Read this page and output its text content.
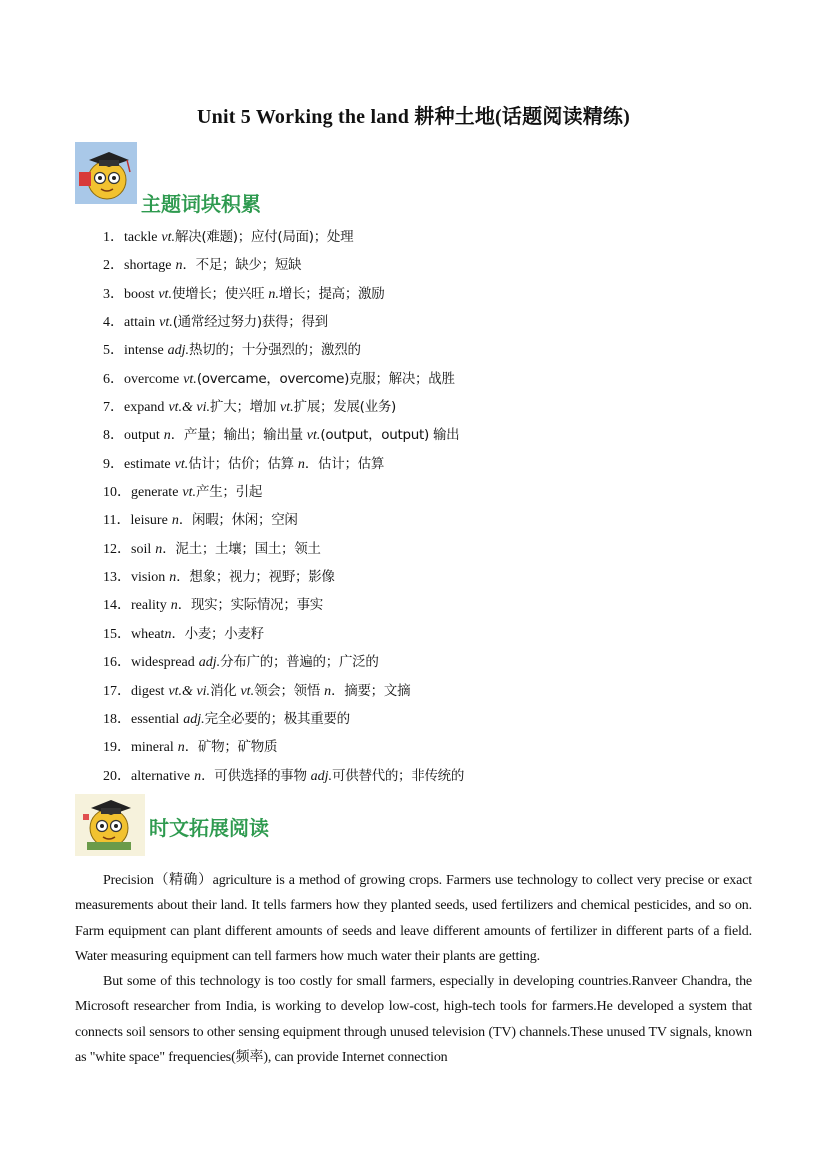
Unit 5 Working the land 耕种土地(话题阅读精练)
主题词块积累
1．tackle vt.解决(难题)；应付(局面)；处理
2．shortage n．不足；缺少；短缺
3．boost vt.使增长；使兴旺 n.增长；提高；激励
4．attain vt.(通常经过努力)获得；得到
5．intense adj.热切的；十分强烈的；激烈的
6．overcome vt.(overcame，overcome)克服；解决；战胜
7．expand vt.& vi.扩大；增加 vt.扩展；发展(业务)
8．output n．产量；输出；输出量 vt.(output，output) 输出
9．estimate vt.估计；估价；估算 n．估计；估算
10．generate vt.产生；引起
11．leisure n．闲暇；休闲；空闲
12．soil n．泥土；土壤；国土；领土
13．vision n．想象；视力；视野；影像
14．reality n．现实；实际情况；事实
15．wheatn．小麦；小麦籽
16．widespread adj.分布广的；普遍的；广泛的
17．digest vt.& vi.消化 vt.领会；领悟 n．摘要；文摘
18．essential adj.完全必要的；极其重要的
19．mineral n．矿物；矿物质
20．alternative n．可供选择的事物 adj.可供替代的；非传统的
时文拓展阅读

Precision（精确）agriculture is a method of growing crops. Farmers use technology to collect very precise or exact measurements about their land. It tells farmers how they planted seeds, used fertilizers and chemical pesticides, and so on. Farm equipment can plant different amounts of seeds and leave different amounts of fertilizer in different parts of a field. Water measuring equipment can tell farmers how much water their plants are getting.

But some of this technology is too costly for small farmers, especially in developing countries.Ranveer Chandra, the Microsoft researcher from India, is working to develop low-cost, high-tech tools for farmers.He developed a system that connects soil sensors to other sensing equipment through unused television (TV) channels.These unused TV signals, known as "white space" frequencies(频率), can provide Internet connection
